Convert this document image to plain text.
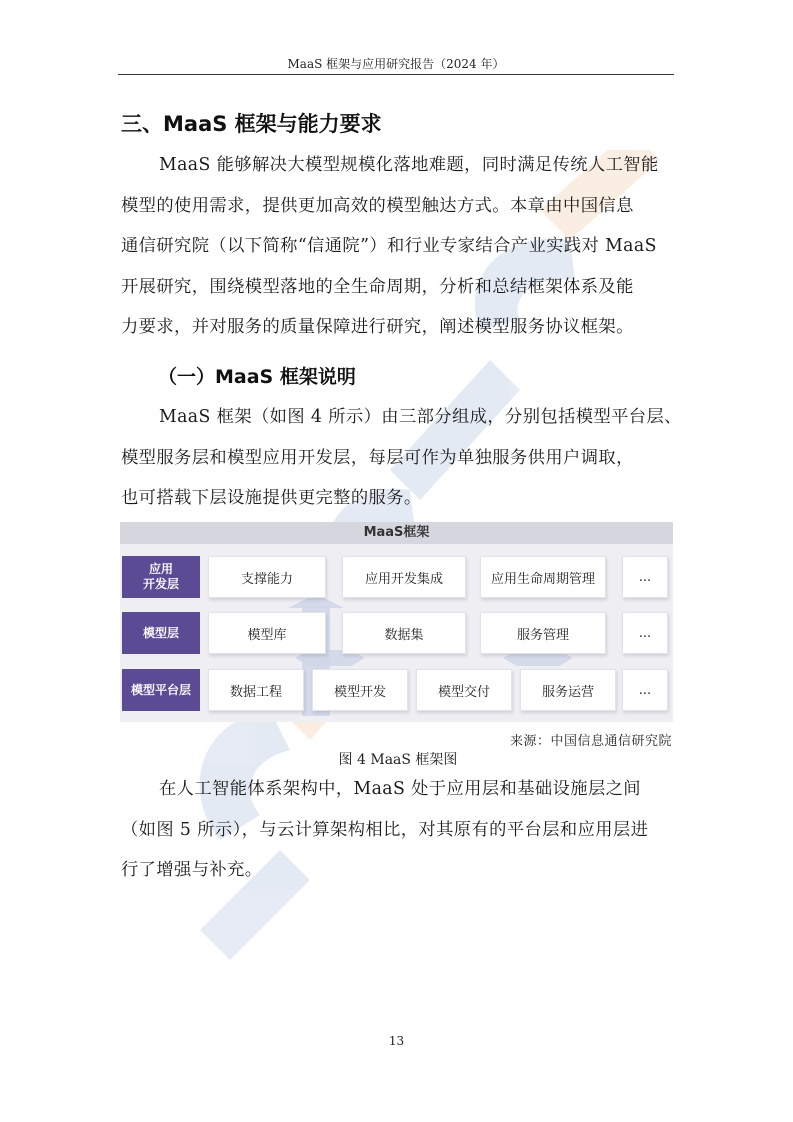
MaaS 框架与应用研究报告（2024 年）
三、MaaS 框架与能力要求
MaaS 能够解决大模型规模化落地难题，同时满足传统人工智能
模型的使用需求，提供更加高效的模型触达方式。本章由中国信息
通信研究院（以下简称“信通院”）和行业专家结合产业实践对 MaaS
开展研究，围绕模型落地的全生命周期，分析和总结框架体系及能
力要求，并对服务的质量保障进行研究，阐述模型服务协议框架。
（一）MaaS 框架说明
MaaS 框架（如图 4 所示）由三部分组成，分别包括模型平台层、
模型服务层和模型应用开发层，每层可作为单独服务供用户调取，
也可搭载下层设施提供更完整的服务。
MaaS框架
应用
开发层	支撑能力	应用开发集成	应用生命周期管理	...
模型层	模型库	数据集	服务管理	...
模型平台层	数据工程	模型开发	模型交付	服务运营	...
来源：中国信息通信研究院
图 4 MaaS 框架图
在人工智能体系架构中，MaaS 处于应用层和基础设施层之间
（如图 5 所示），与云计算架构相比，对其原有的平台层和应用层进
行了增强与补充。
13
